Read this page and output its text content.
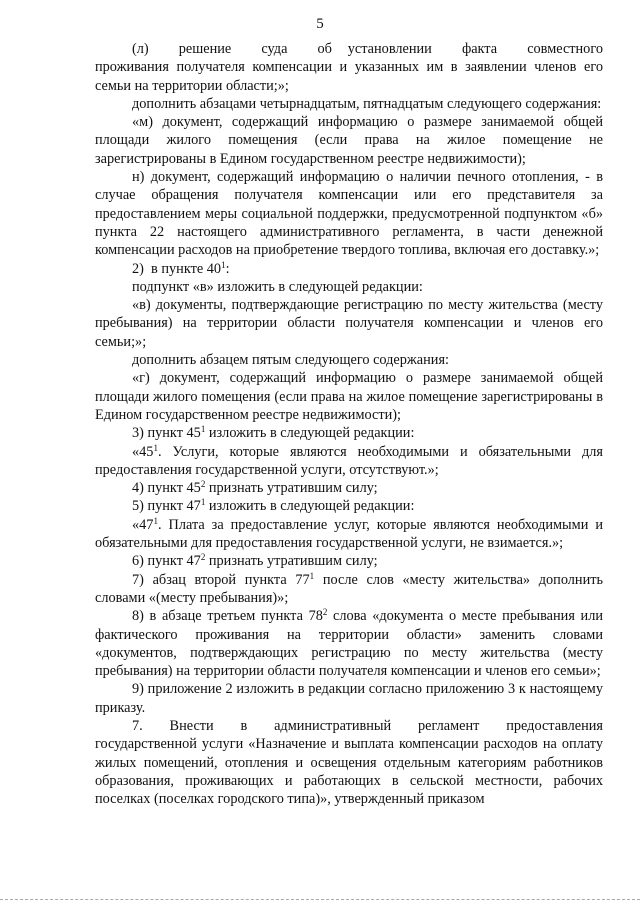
5

(л)  решение  суда  об установлении  факта  совместного проживания получателя компенсации и указанных им в заявлении членов его семьи на территории области;»;

дополнить абзацами четырнадцатым, пятнадцатым следующего содержания:

«м) документ, содержащий информацию о размере занимаемой общей площади жилого помещения (если права на жилое помещение не зарегистрированы в Едином государственном реестре недвижимости);

н) документ, содержащий информацию о наличии печного отопления, - в случае обращения получателя компенсации или его представителя за предоставлением меры социальной поддержки, предусмотренной подпунктом «б» пункта 22 настоящего административного регламента, в части денежной компенсации расходов на приобретение твердого топлива, включая его доставку.»;

2)  в пункте $40^1$:

подпункт «в» изложить в следующей редакции:

«в) документы, подтверждающие регистрацию по месту жительства (месту пребывания) на территории области получателя компенсации и членов его семьи;»;

дополнить абзацем пятым следующего содержания:

«г) документ, содержащий информацию о размере занимаемой общей площади жилого помещения (если права на жилое помещение зарегистрированы в Едином государственном реестре недвижимости);

3) пункт $45^1$ изложить в следующей редакции:

«$45^1$. Услуги, которые являются необходимыми и обязательными для предоставления государственной услуги, отсутствуют.»;

4) пункт $45^2$ признать утратившим силу;

5) пункт $47^1$ изложить в следующей редакции:

«$47^1$. Плата за предоставление услуг, которые являются необходимыми и обязательными для предоставления государственной услуги, не взимается.»;

6) пункт $47^2$ признать утратившим силу;

7) абзац второй пункта $77^1$ после слов «месту жительства» дополнить словами «(месту пребывания)»;

8) в абзаце третьем пункта $78^2$ слова «документа о месте пребывания или фактического проживания на территории области» заменить словами «документов, подтверждающих регистрацию по месту жительства (месту пребывания) на территории области получателя компенсации и членов его семьи»;

9) приложение 2 изложить в редакции согласно приложению 3 к настоящему приказу.

7.  Внести  в  административный  регламент  предоставления государственной услуги «Назначение и выплата компенсации расходов на оплату жилых помещений, отопления и освещения отдельным категориям работников образования, проживающих и работающих в сельской местности, рабочих поселках (поселках городского типа)», утвержденный приказом
